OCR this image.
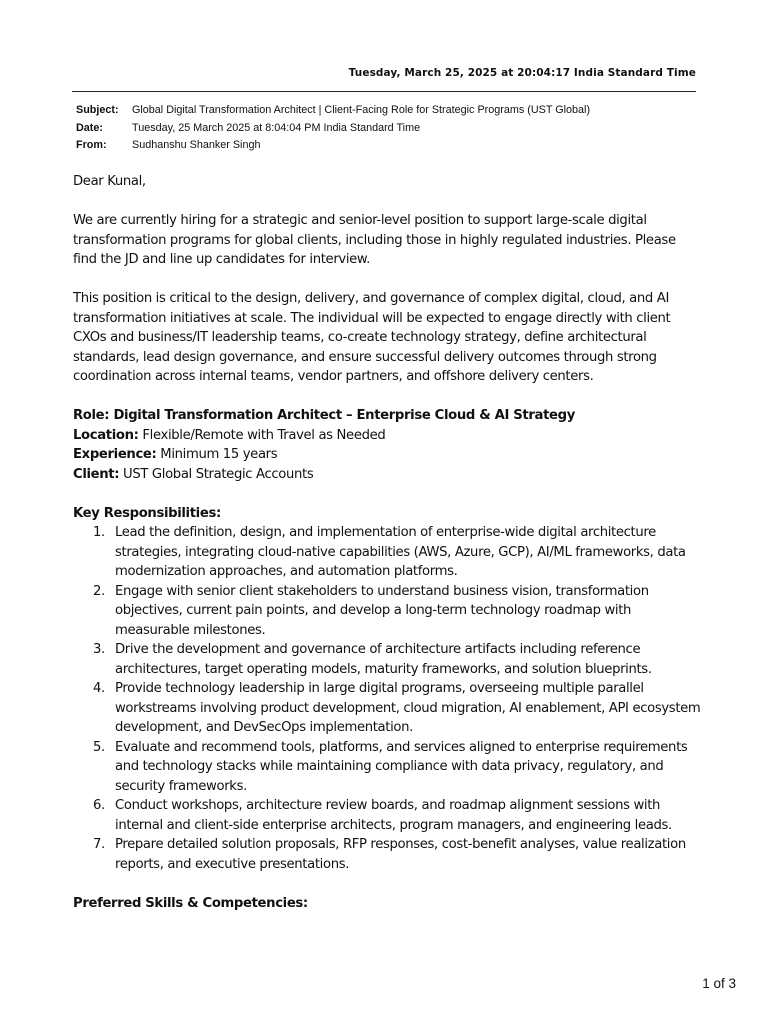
Tuesday, March 25, 2025 at 20:04:17 India Standard Time
Subject: Global Digital Transformation Architect | Client-Facing Role for Strategic Programs (UST Global)
Date:	Tuesday, 25 March 2025 at 8:04:04 PM India Standard Time
From: Sudhanshu Shanker Singh

Dear Kunal,

We are currently hiring for a strategic and senior-level position to support large-scale digital transformation programs for global clients, including those in highly regulated industries. Please find the JD and line up candidates for interview.

This position is critical to the design, delivery, and governance of complex digital, cloud, and AI transformation initiatives at scale. The individual will be expected to engage directly with client CXOs and business/IT leadership teams, co-create technology strategy, define architectural standards, lead design governance, and ensure successful delivery outcomes through strong coordination across internal teams, vendor partners, and offshore delivery centers.

Role: Digital Transformation Architect – Enterprise Cloud & AI Strategy
Location: Flexible/Remote with Travel as Needed
Experience: Minimum 15 years
Client: UST Global Strategic Accounts
Key Responsibilities:
1. Lead the definition, design, and implementation of enterprise-wide digital architecture strategies, integrating cloud-native capabilities (AWS, Azure, GCP), AI/ML frameworks, data modernization approaches, and automation platforms.
2. Engage with senior client stakeholders to understand business vision, transformation objectives, current pain points, and develop a long-term technology roadmap with measurable milestones.
3. Drive the development and governance of architecture artifacts including reference architectures, target operating models, maturity frameworks, and solution blueprints.
4. Provide technology leadership in large digital programs, overseeing multiple parallel workstreams involving product development, cloud migration, AI enablement, API ecosystem development, and DevSecOps implementation.
5. Evaluate and recommend tools, platforms, and services aligned to enterprise requirements and technology stacks while maintaining compliance with data privacy, regulatory, and security frameworks.
6. Conduct workshops, architecture review boards, and roadmap alignment sessions with internal and client-side enterprise architects, program managers, and engineering leads.
7. Prepare detailed solution proposals, RFP responses, cost-benefit analyses, value realization reports, and executive presentations.
Preferred Skills & Competencies:
1 of 3
